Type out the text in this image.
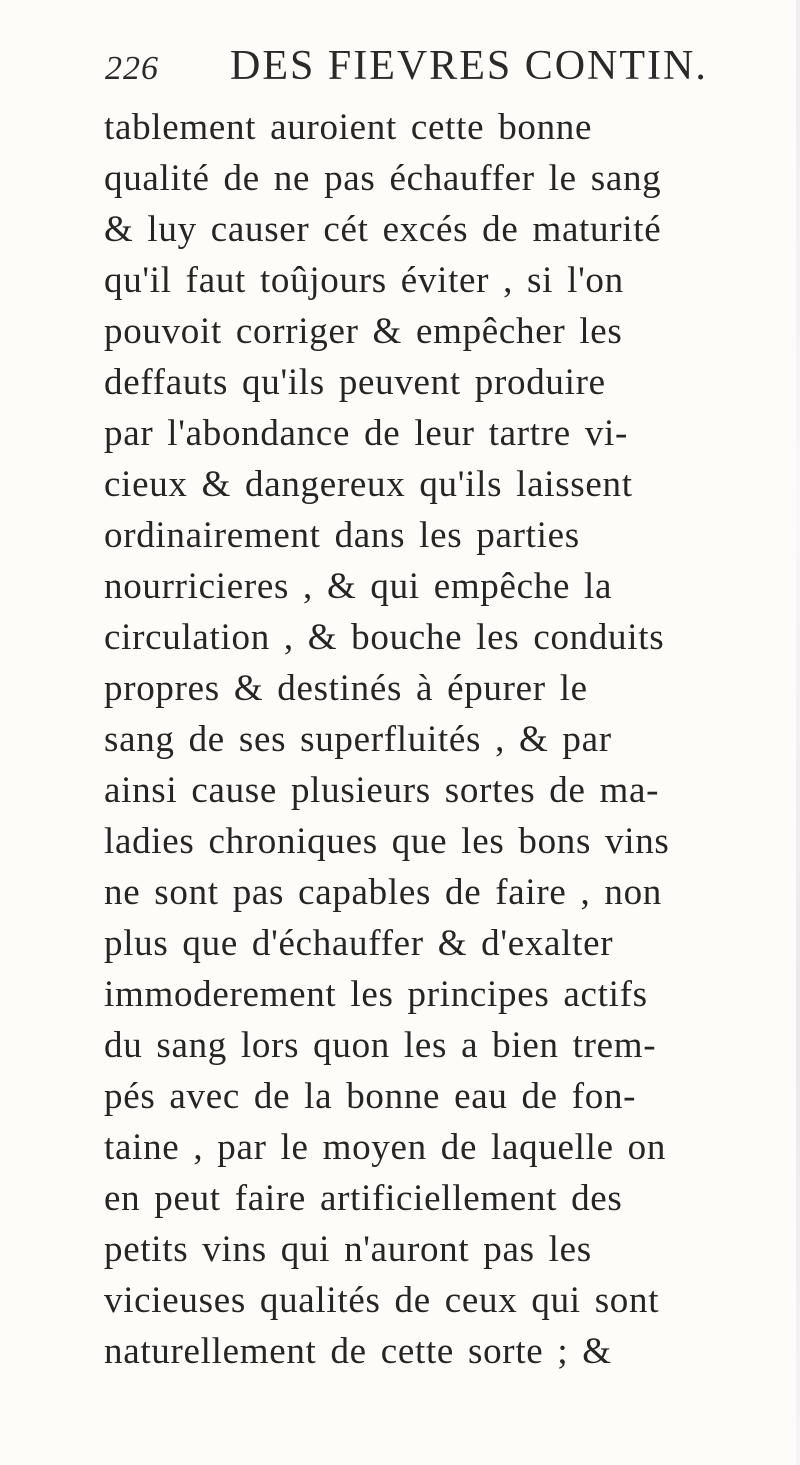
226 DES FIEVRES CONTIN.
tablement auroient cette bonne
qualité de ne pas échauffer le sang
& luy causer cét excés de maturité
qu'il faut toûjours éviter , si l'on
pouvoit corriger & empêcher les
deffauts qu'ils peuvent produire
par l'abondance de leur tartre vi-
cieux & dangereux qu'ils laissent
ordinairement dans les parties
nourricieres , & qui empêche la
circulation , & bouche les conduits
propres & destinés à épurer le
sang de ses superfluités , & par
ainsi cause plusieurs sortes de ma-
ladies chroniques que les bons vins
ne sont pas capables de faire , non
plus que d'échauffer & d'exalter
immoderement les principes actifs
du sang lors quon les a bien trem-
pés avec de la bonne eau de fon-
taine , par le moyen de laquelle on
en peut faire artificiellement des
petits vins qui n'auront pas les
vicieuses qualités de ceux qui sont
naturellement de cette sorte ; &
